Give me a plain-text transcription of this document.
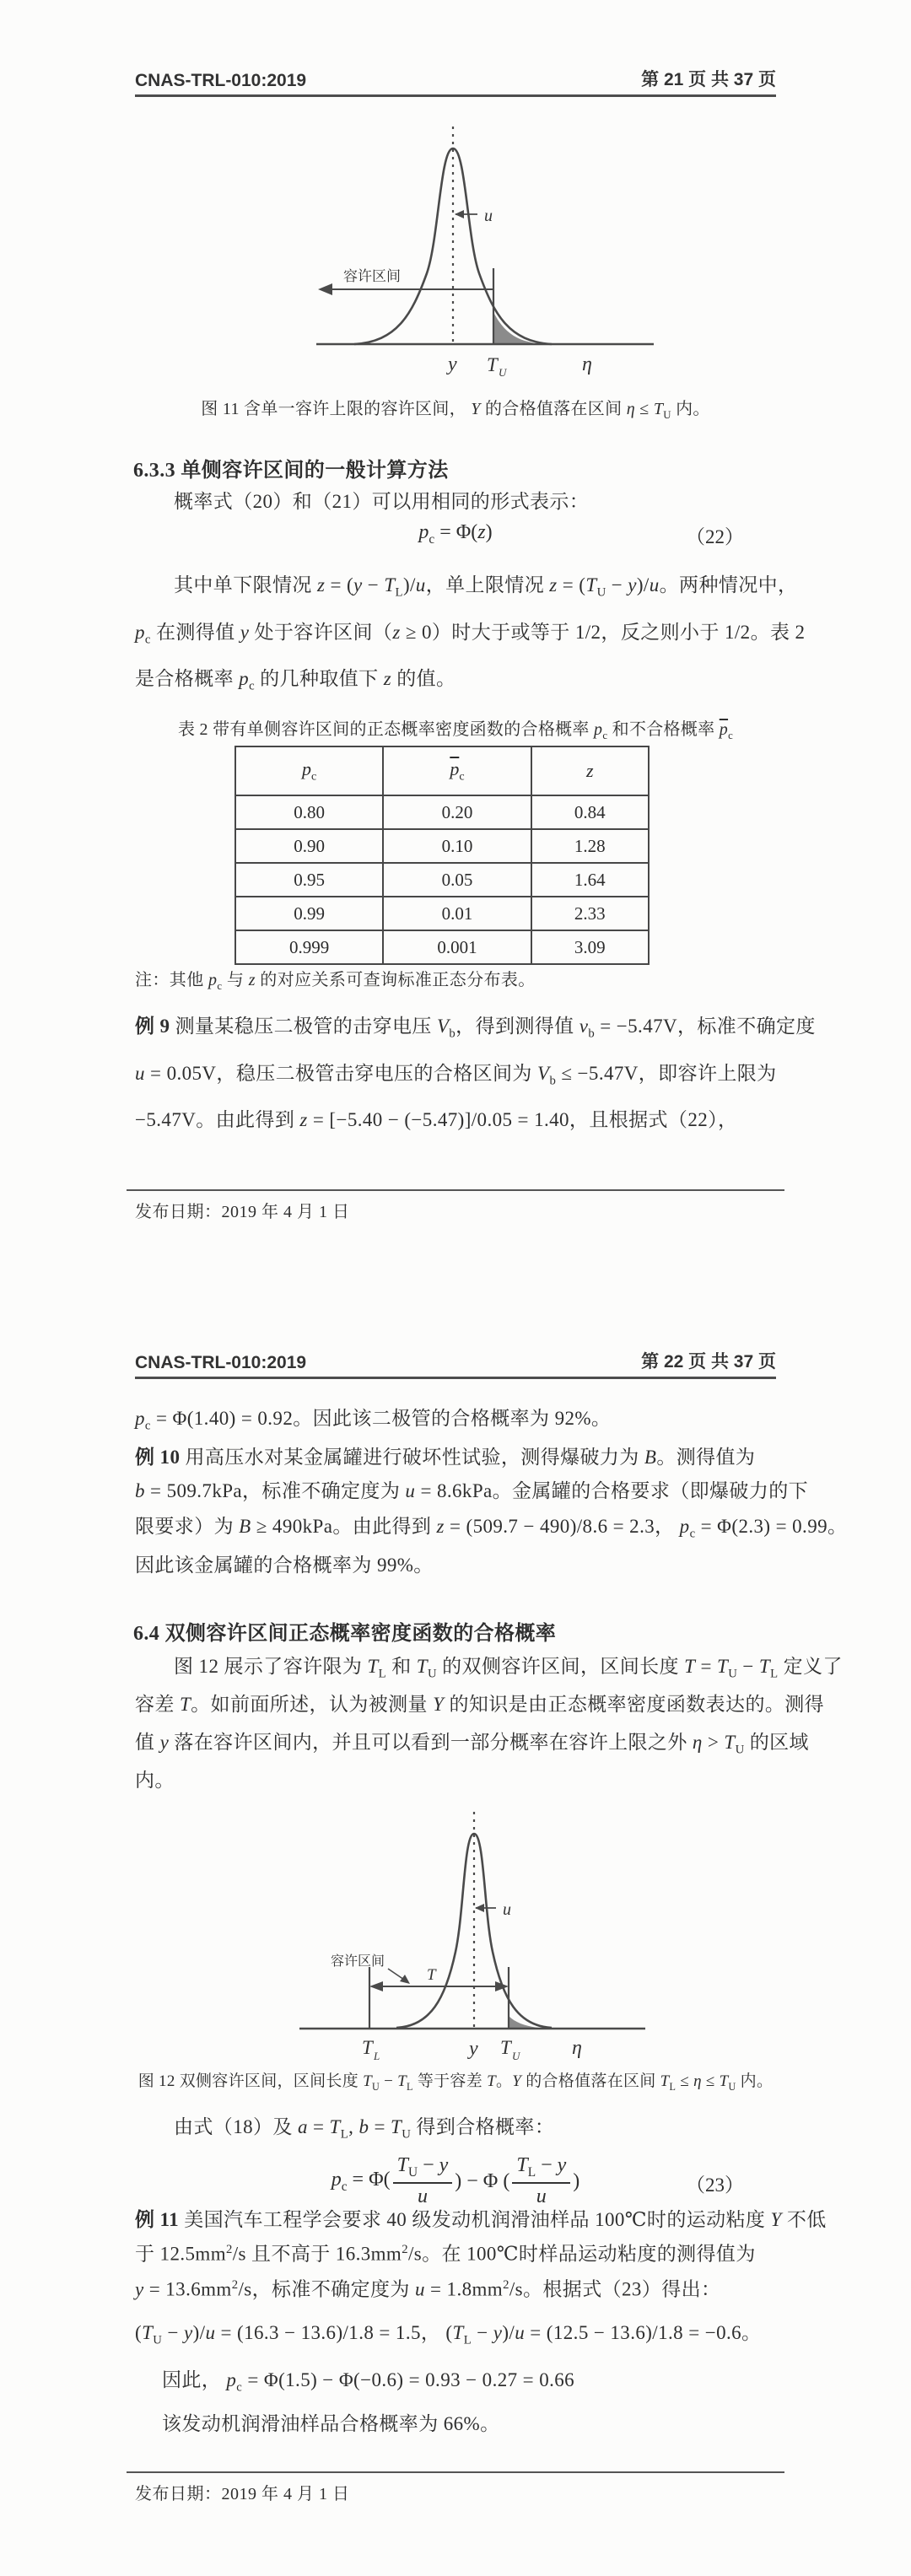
CNAS-TRL-010:2019	第 21 页 共 37 页
容许区间
u
y T U	η
图 11 含单一容许上限的容许区间， Y 的合格值落在区间 $\eta \le T_U$ 内。
6.3.3 单侧容许区间的一般计算方法
概率式（20）和（21）可以用相同的形式表示：
$p_c = \Phi(z)$	（22）
其中单下限情况 $z = (y - T_L)/u$，单上限情况 $z = (T_U - y)/u$。两种情况中，
$p_c$ 在测得值 y 处于容许区间（z ≥ 0）时大于或等于 1/2，反之则小于 1/2。表 2
是合格概率 $p_c$ 的几种取值下 z 的值。
表 2 带有单侧容许区间的正态概率密度函数的合格概率 $p_c$ 和不合格概率 $\overline{p}_c$
$p_c$	$\overline{p}_c$	z
0.80	0.20	0.84
0.90	0.10	1.28
0.95	0.05	1.64
0.99	0.01	2.33
0.999	0.001	3.09
注：其他 $p_c$ 与 z 的对应关系可查询标准正态分布表。
例 9 测量某稳压二极管的击穿电压 $V_b$，得到测得值 $v_b = -5.47V$，标准不确定度
u = 0.05V，稳压二极管击穿电压的合格区间为 $V_b \le -5.47V$，即容许上限为
−5.47V。由此得到 z = [−5.40 − (−5.47)]/0.05 = 1.40，且根据式（22），
发布日期：2019 年 4 月 1 日
CNAS-TRL-010:2019	第 22 页 共 37 页
$p_c = \Phi(1.40) = 0.92$。因此该二极管的合格概率为 92%。
例 10 用高压水对某金属罐进行破坏性试验，测得爆破力为 B。测得值为
b = 509.7kPa，标准不确定度为 u = 8.6kPa。金属罐的合格要求（即爆破力的下
限要求）为 B ≥ 490kPa。由此得到 z = (509.7 − 490)/8.6 = 2.3， $p_c = \Phi(2.3) = 0.99$。
因此该金属罐的合格概率为 99%。
6.4 双侧容许区间正态概率密度函数的合格概率
图 12 展示了容许限为 $T_L$ 和 $T_U$ 的双侧容许区间，区间长度 $T = T_U - T_L$ 定义了
容差 T。如前面所述，认为被测量 Y 的知识是由正态概率密度函数表达的。测得
值 y 落在容许区间内，并且可以看到一部分概率在容许上限之外 $\eta > T_U$ 的区域
内。
容许区间
u
T
T L	y T U	η
图 12 双侧容许区间，区间长度 $T_U - T_L$ 等于容差 T。Y 的合格值落在区间 $T_L \le \eta \le T_U$ 内。
由式（18）及 $a = T_L$, $b = T_U$ 得到合格概率：
$p_c = \Phi( \frac{T_U - y}{u}$ ) − Φ ( $\frac{T_L - y}{u}$ )	（23）
例 11 美国汽车工程学会要求 40 级发动机润滑油样品 100℃时的运动粘度 Y 不低
于 $12.5mm^2/s$ 且不高于 $16.3mm^2/s$。在 100℃时样品运动粘度的测得值为
$y = 13.6mm^2/s$，标准不确定度为 $u = 1.8mm^2/s$。根据式（23）得出：
$(T_U - y)/u = (16.3 - 13.6)/1.8 = 1.5$， $(T_L - y)/u = (12.5 - 13.6)/1.8 = -0.6$。
因此， $p_c = \Phi(1.5) - \Phi(-0.6) = 0.93 - 0.27 = 0.66$
该发动机润滑油样品合格概率为 66%。
发布日期：2019 年 4 月 1 日
